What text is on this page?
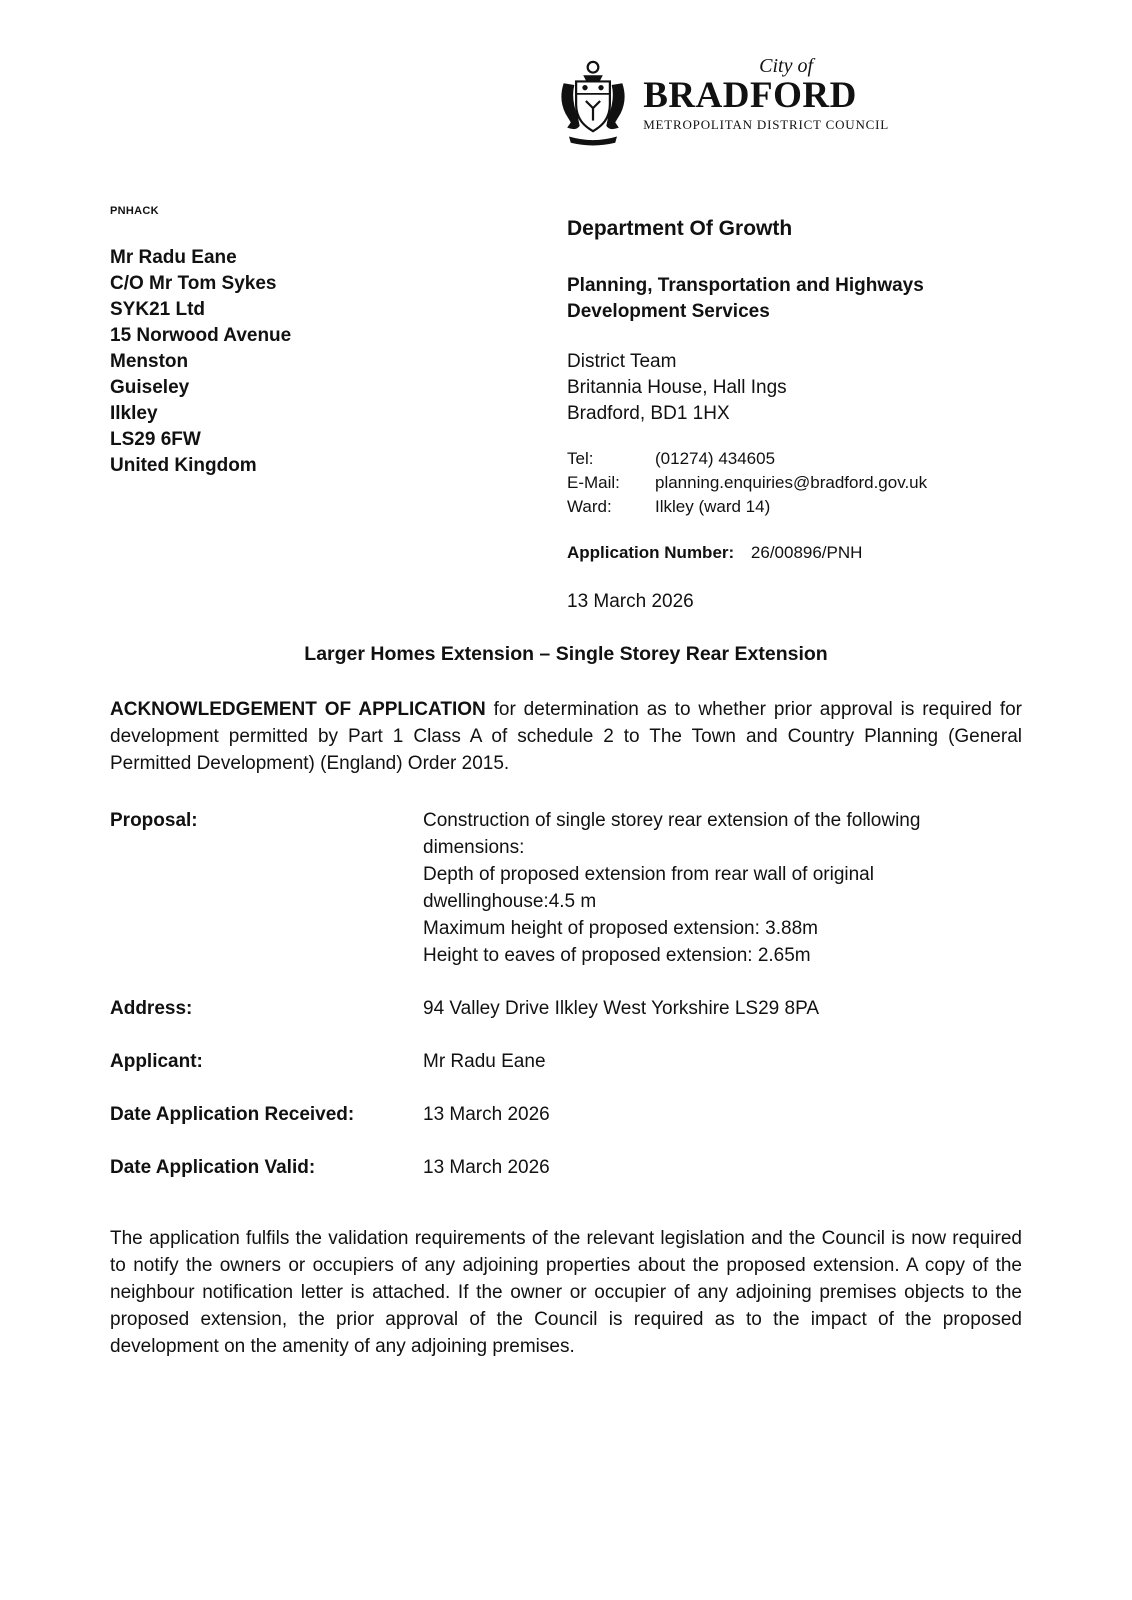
City of
BRADFORD
METROPOLITAN DISTRICT COUNCIL
PNHACK
Mr Radu Eane
C/O Mr Tom Sykes
SYK21 Ltd
15 Norwood Avenue
Menston
Guiseley
Ilkley
LS29 6FW
United Kingdom
Department Of Growth
Planning, Transportation and Highways Development Services
District Team
Britannia House, Hall Ings
Bradford, BD1 1HX
Tel:	(01274) 434605
E-Mail:	planning.enquiries@bradford.gov.uk
Ward:	Ilkley (ward 14)
Application Number: 26/00896/PNH
13 March 2026
Larger Homes Extension – Single Storey Rear Extension

ACKNOWLEDGEMENT OF APPLICATION for determination as to whether prior approval is required for development permitted by Part 1 Class A of schedule 2 to The Town and Country Planning (General Permitted Development) (England) Order 2015.

Proposal:	Construction of single storey rear extension of the following dimensions:
Depth of proposed extension from rear wall of original dwellinghouse:4.5 m
Maximum height of proposed extension: 3.88m
Height to eaves of proposed extension: 2.65m
Address:	94 Valley Drive Ilkley West Yorkshire LS29 8PA
Applicant:	Mr Radu Eane
Date Application Received:	13 March 2026
Date Application Valid:	13 March 2026

The application fulfils the validation requirements of the relevant legislation and the Council is now required to notify the owners or occupiers of any adjoining properties about the proposed extension. A copy of the neighbour notification letter is attached. If the owner or occupier of any adjoining premises objects to the proposed extension, the prior approval of the Council is required as to the impact of the proposed development on the amenity of any adjoining premises.
